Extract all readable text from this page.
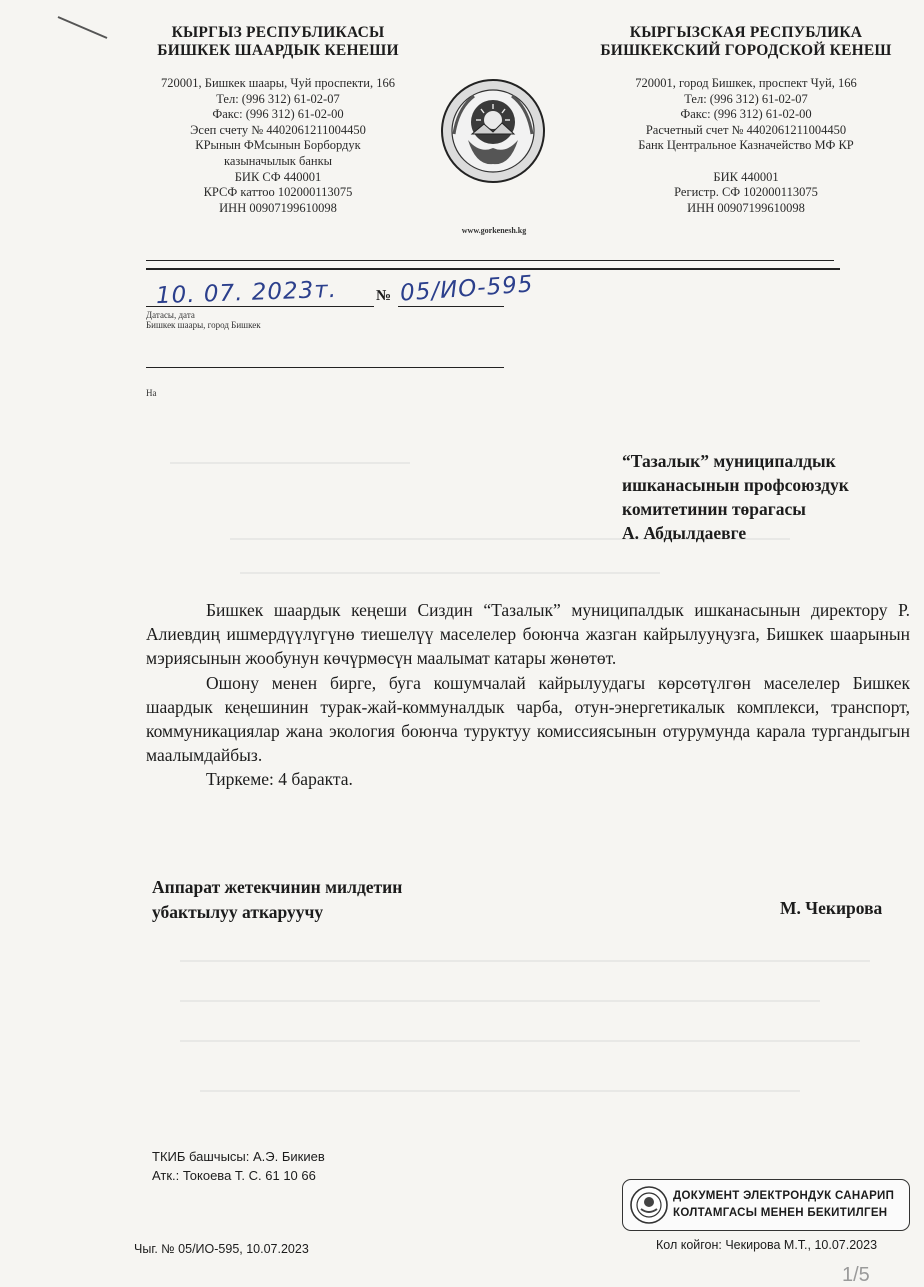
КЫРГЫЗ РЕСПУБЛИКАСЫ
БИШКЕК ШААРДЫК КЕНЕШИ
720001, Бишкек шаары, Чуй проспекти, 166
Тел: (996 312) 61-02-07
Факс: (996 312) 61-02-00
Эсеп счету № 4402061211004450
КРынын ФМсынын Борбордук
казыначылык банкы
БИК СФ 440001
КРСФ каттоо 102000113075
ИНН 00907199610098
www.gorkenesh.kg
КЫРГЫЗСКАЯ РЕСПУБЛИКА
БИШКЕКСКИЙ ГОРОДСКОЙ КЕНЕШ
720001, город Бишкек, проспект Чуй, 166
Тел: (996 312) 61-02-07
Факс: (996 312) 61-02-00
Расчетный счет № 4402061211004450
Банк Центральное Казначейство МФ КР
БИК 440001
Регистр. СФ 102000113075
ИНН 00907199610098
10. 07. 2023т.	№ 05/ИО-595
Датасы, дата
Бишкек шаары, город Бишкек
На
“Тазалык” муниципалдык
ишканасынын профсоюздук
комитетинин төрагасы
А. Абдылдаевге

Бишкек шаардык кеңеши Сиздин “Тазалык” муниципалдык ишканасынын директору Р. Алиевдиң ишмердүүлүгүнө тиешелүү маселелер боюнча жазган кайрылууңузга, Бишкек шаарынын мэриясынын жообунун көчүрмөсүн маалымат катары жөнөтөт.

Ошону менен бирге, буга кошумчалай кайрылуудагы көрсөтүлгөн маселелер Бишкек шаардык кеңешинин турак-жай-коммуналдык чарба, отун-энергетикалык комплекси, транспорт, коммуникациялар жана экология боюнча туруктуу комиссиясынын отурумунда карала тургандыгын маалымдайбыз.

Тиркеме: 4 баракта.

Аппарат жетекчинин милдетин
убактылуу аткаруучу	М. Чекирова
ТКИБ башчысы: А.Э. Бикиев
Атк.: Токоева Т. С. 61 10 66
ДОКУМЕНТ ЭЛЕКТРОНДУК САНАРИП
КОЛТАМГАСЫ МЕНЕН БЕКИТИЛГЕН
Чыг. № 05/ИО-595, 10.07.2023	Кол койгон: Чекирова М.Т., 10.07.2023
1/5
